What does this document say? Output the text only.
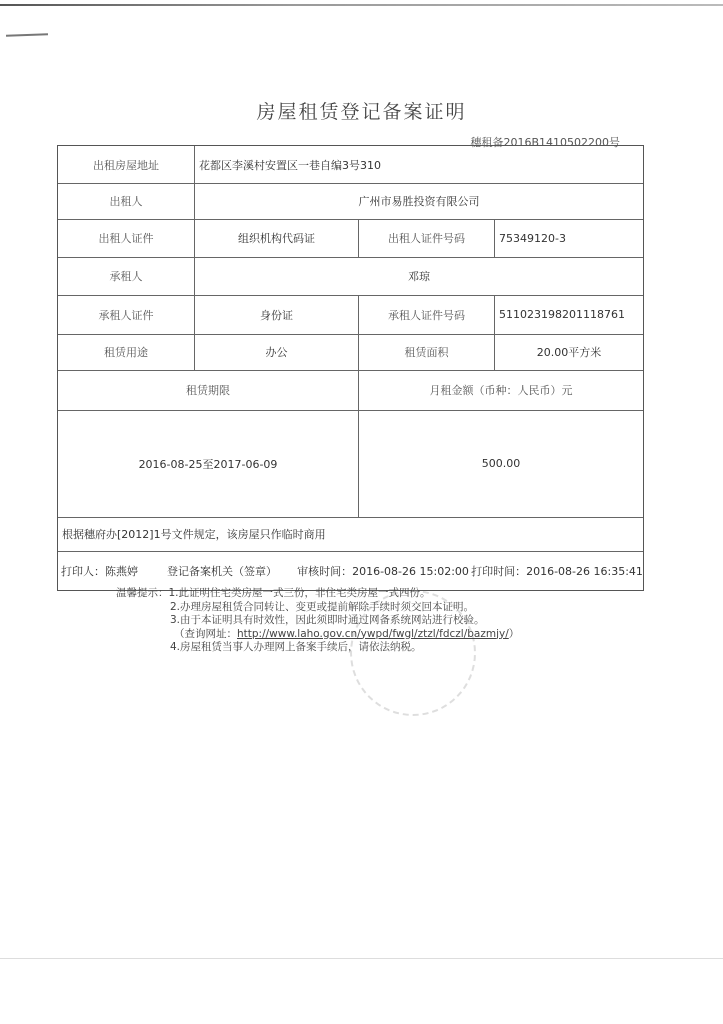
房屋租赁登记备案证明
穗租备2016B1410502200号
出租房屋地址	花都区李溪村安置区一巷自编3号310
出租人	广州市易胜投资有限公司
出租人证件	组织机构代码证	出租人证件号码	75349120-3
承租人	邓琼
承租人证件	身份证	承租人证件号码	511023198201118761
租赁用途	办公	租赁面积	20.00平方米
租赁期限	月租金额（币种：人民币）元
2016-08-25至2017-06-09	500.00
根据穗府办[2012]1号文件规定，该房屋只作临时商用
打印人：陈燕婷	登记备案机关（签章）	审核时间：2016-08-26 15:02:00 打印时间：2016-08-26 16:35:41
温馨提示：1.此证明住宅类房屋一式三份，非住宅类房屋一式四份。
2.办理房屋租赁合同转让、变更或提前解除手续时须交回本证明。
3.由于本证明具有时效性，因此须即时通过网备系统网站进行校验。
（查询网址：http://www.laho.gov.cn/ywpd/fwgl/ztzl/fdczl/bazmjy/）
4.房屋租赁当事人办理网上备案手续后，请依法纳税。
